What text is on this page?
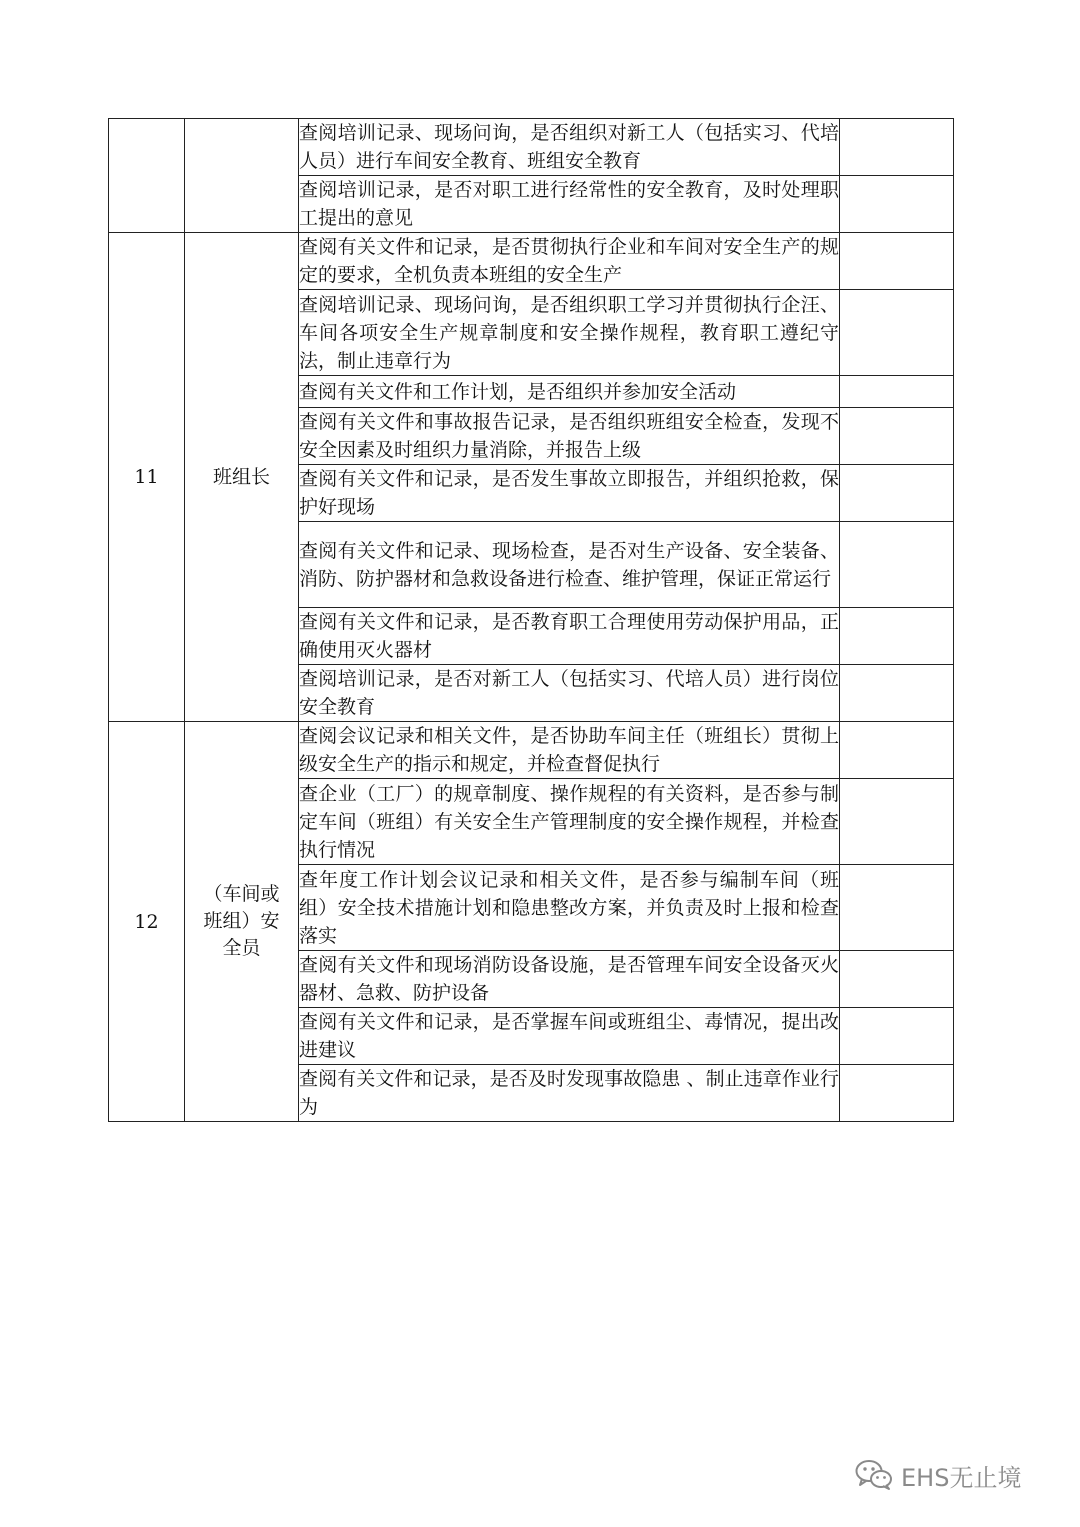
		查阅培训记录、现场问询，是否组织对新工人（包括实习、代培人员）进行车间安全教育、班组安全教育	
		查阅培训记录，是否对职工进行经常性的安全教育，及时处理职工提出的意见	
11	班组长	查阅有关文件和记录，是否贯彻执行企业和车间对安全生产的规定的要求，全机负责本班组的安全生产	
		查阅培训记录、现场问询，是否组织职工学习并贯彻执行企汪、车间各项安全生产规章制度和安全操作规程，教育职工遵纪守法，制止违章行为	
		查阅有关文件和工作计划，是否组织并参加安全活动	
		查阅有关文件和事故报告记录，是否组织班组安全检查，发现不安全因素及时组织力量消除，并报告上级	
		查阅有关文件和记录，是否发生事故立即报告，并组织抢救，保护好现场	
		查阅有关文件和记录、现场检查，是否对生产设备、安全装备、消防、防护器材和急救设备进行检查、维护管理，保证正常运行	
		查阅有关文件和记录，是否教育职工合理使用劳动保护用品，正确使用灭火器材	
		查阅培训记录，是否对新工人（包括实习、代培人员）进行岗位安全教育	
12	（车间或班组）安全员	查阅会议记录和相关文件，是否协助车间主任（班组长）贯彻上级安全生产的指示和规定，并检查督促执行	
		查企业（工厂）的规章制度、操作规程的有关资料，是否参与制定车间（班组）有关安全生产管理制度的安全操作规程，并检查执行情况	
		查年度工作计划会议记录和相关文件，是否参与编制车间（班组）安全技术措施计划和隐患整改方案，并负责及时上报和检查落实	
		查阅有关文件和现场消防设备设施，是否管理车间安全设备灭火器材、急救、防护设备	
		查阅有关文件和记录，是否掌握车间或班组尘、毒情况，提出改进建议	
		查阅有关文件和记录，是否及时发现事故隐患 、制止违章作业行为	
EHS无止境
